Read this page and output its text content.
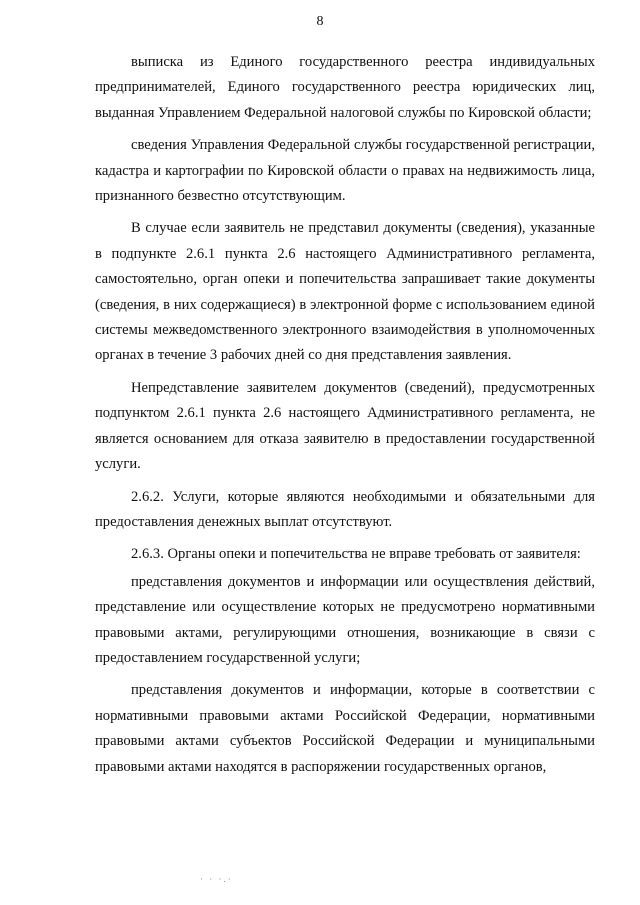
8

выписка из Единого государственного реестра индивидуальных предпринимателей, Единого государственного реестра юридических лиц, выданная Управлением Федеральной налоговой службы по Кировской области;

сведения Управления Федеральной службы государственной регистрации, кадастра и картографии по Кировской области о правах на недвижимость лица, признанного безвестно отсутствующим.

В случае если заявитель не представил документы (сведения), указанные в подпункте 2.6.1 пункта 2.6 настоящего Административного регламента, самостоятельно, орган опеки и попечительства запрашивает такие документы (сведения, в них содержащиеся) в электронной форме с использованием единой системы межведомственного электронного взаимодействия в уполномоченных органах в течение 3 рабочих дней со дня представления заявления.

Непредставление заявителем документов (сведений), предусмотренных подпунктом 2.6.1 пункта 2.6 настоящего Административного регламента, не является основанием для отказа заявителю в предоставлении государственной услуги.

2.6.2. Услуги, которые являются необходимыми и обязательными для предоставления денежных выплат отсутствуют.

2.6.3. Органы опеки и попечительства не вправе требовать от заявителя:

представления документов и информации или осуществления действий, представление или осуществление которых не предусмотрено нормативными правовыми актами, регулирующими отношения, возникающие в связи с предоставлением государственной услуги;

представления документов и информации, которые в соответствии с нормативными правовыми актами Российской Федерации, нормативными правовыми актами субъектов Российской Федерации и муниципальными правовыми актами находятся в распоряжении государственных органов,

· · ·.·
